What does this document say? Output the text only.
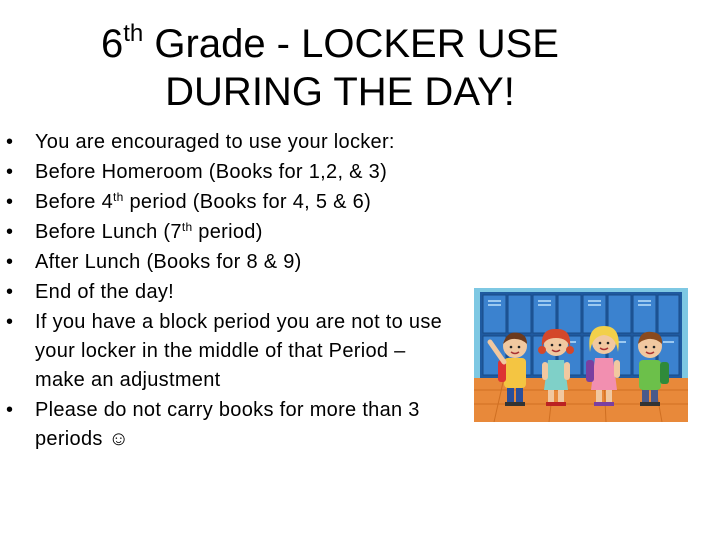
6th Grade - LOCKER USE
DURING THE DAY!
• You are encouraged to use your locker:
• Before Homeroom (Books for 1,2, & 3)
• Before 4th period (Books for 4, 5 & 6)
• Before Lunch (7th period)
• After Lunch (Books for 8 & 9)
• End of the day!
• If you have a block period you are not to use your locker in the middle of that Period – make an adjustment
• Please do not carry books for more than 3 periods ☺
